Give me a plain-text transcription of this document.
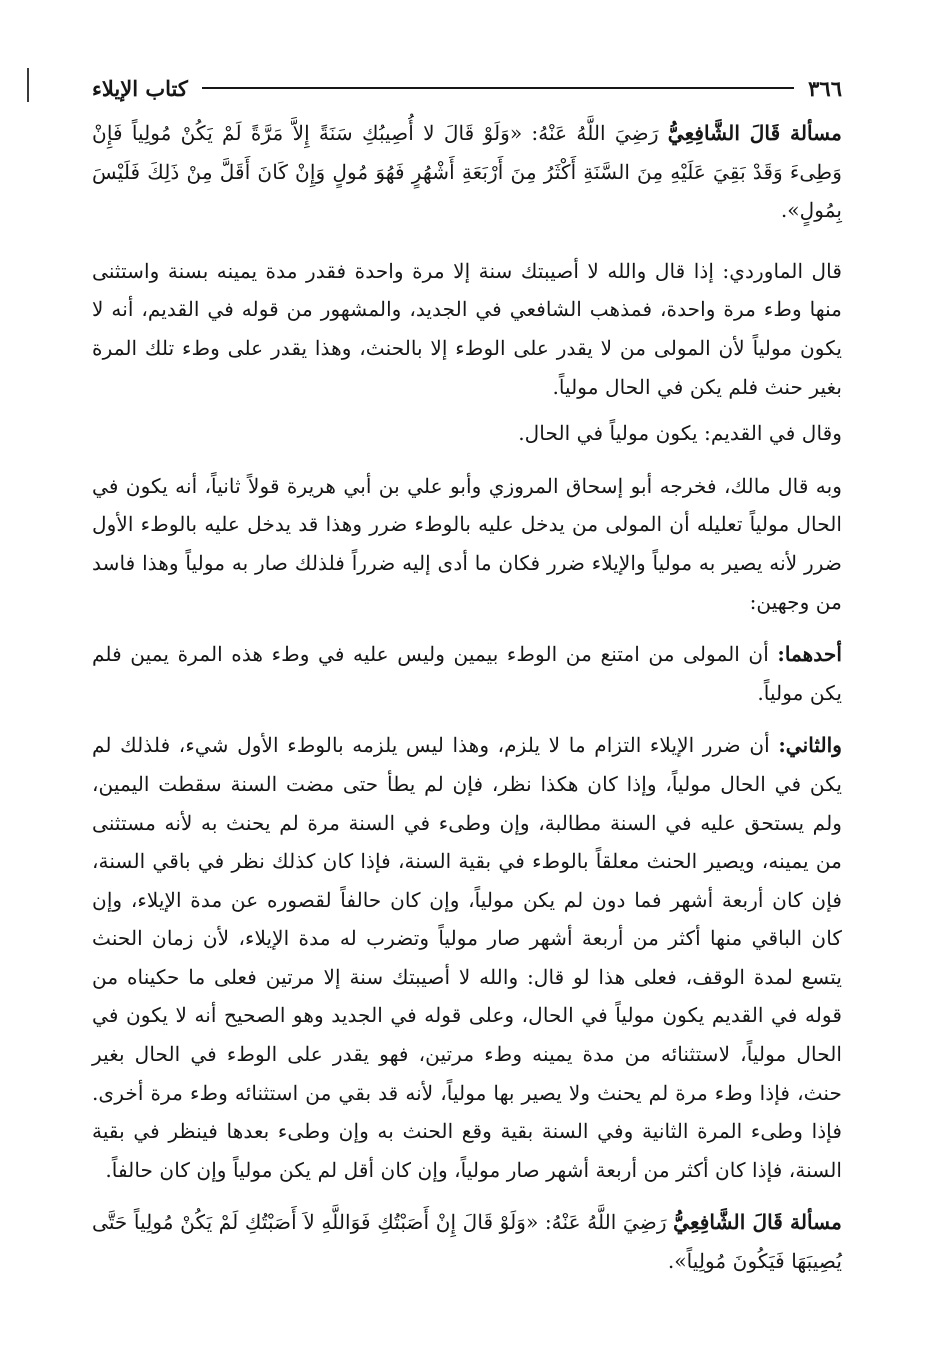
٣٦٦
كتاب الإيلاء

مسألة قَالَ الشَّافِعِيُّ رَضِيَ اللَّهُ عَنْهُ: «وَلَوْ قَالَ لا أُصِيبُكِ سَنَةً إِلاَّ مَرَّةً لَمْ يَكُنْ مُولِياً فَإِنْ وَطِىءَ وَقَدْ بَقِيَ عَلَيْهِ مِنَ السَّنَةِ أَكْثَرُ مِنَ أَرْبَعَةِ أَشْهُرٍ فَهُوَ مُولٍ وَإِنْ كَانَ أَقَلَّ مِنْ ذَلِكَ فَلَيْسَ بِمُولٍ».

قال الماوردي: إذا قال والله لا أصيبتك سنة إلا مرة واحدة فقدر مدة يمينه بسنة واستثنى منها وطء مرة واحدة، فمذهب الشافعي في الجديد، والمشهور من قوله في القديم، أنه لا يكون مولياً لأن المولى من لا يقدر على الوطء إلا بالحنث، وهذا يقدر على وطء تلك المرة بغير حنث فلم يكن في الحال مولياً.

وقال في القديم: يكون مولياً في الحال.

وبه قال مالك، فخرجه أبو إسحاق المروزي وأبو علي بن أبي هريرة قولاً ثانياً، أنه يكون في الحال مولياً تعليله أن المولى من يدخل عليه بالوطء ضرر وهذا قد يدخل عليه بالوطء الأول ضرر لأنه يصير به مولياً والإيلاء ضرر فكان ما أدى إليه ضرراً فلذلك صار به مولياً وهذا فاسد من وجهين:

أحدهما: أن المولى من امتنع من الوطء بيمين وليس عليه في وطء هذه المرة يمين فلم يكن مولياً.

والثاني: أن ضرر الإيلاء التزام ما لا يلزم، وهذا ليس يلزمه بالوطء الأول شيء، فلذلك لم يكن في الحال مولياً، وإذا كان هكذا نظر، فإن لم يطأ حتى مضت السنة سقطت اليمين، ولم يستحق عليه في السنة مطالبة، وإن وطىء في السنة مرة لم يحنث به لأنه مستثنى من يمينه، ويصير الحنث معلقاً بالوطء في بقية السنة، فإذا كان كذلك نظر في باقي السنة، فإن كان أربعة أشهر فما دون لم يكن مولياً، وإن كان حالفاً لقصوره عن مدة الإيلاء، وإن كان الباقي منها أكثر من أربعة أشهر صار مولياً وتضرب له مدة الإيلاء، لأن زمان الحنث يتسع لمدة الوقف، فعلى هذا لو قال: والله لا أصيبتك سنة إلا مرتين فعلى ما حكيناه من قوله في القديم يكون مولياً في الحال، وعلى قوله في الجديد وهو الصحيح أنه لا يكون في الحال مولياً، لاستثنائه من مدة يمينه وطء مرتين، فهو يقدر على الوطء في الحال بغير حنث، فإذا وطء مرة لم يحنث ولا يصير بها مولياً، لأنه قد بقي من استثنائه وطء مرة أخرى. فإذا وطىء المرة الثانية وفي السنة بقية وقع الحنث به وإن وطىء بعدها فينظر في بقية السنة، فإذا كان أكثر من أربعة أشهر صار مولياً، وإن كان أقل لم يكن مولياً وإن كان حالفاً.

مسألة قَالَ الشَّافِعِيُّ رَضِيَ اللَّهُ عَنْهُ: «وَلَوْ قَالَ إِنْ أَصَبْتُكِ فَوَاللَّهِ لاَ أَصَبْتُكِ لَمْ يَكُنْ مُولِياً حَتَّى يُصِيبَهَا فَيَكُونَ مُولِياً».
